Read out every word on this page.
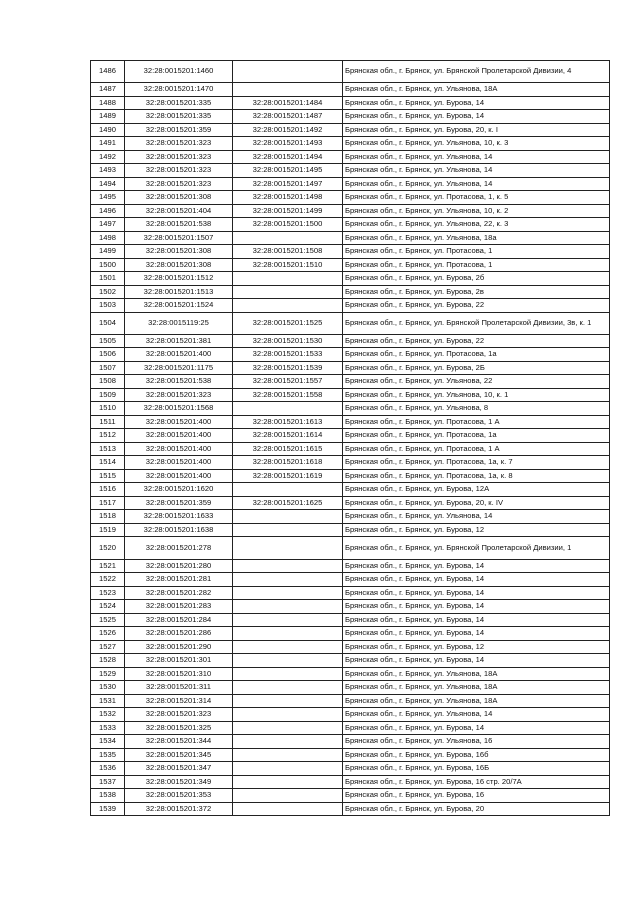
1486	32:28:0015201:1460		Брянская обл., г. Брянск, ул. Брянской Пролетарской Дивизии, 4
1487	32:28:0015201:1470		Брянская обл., г. Брянск, ул. Ульянова, 18А
1488	32:28:0015201:335	32:28:0015201:1484	Брянская обл., г. Брянск, ул. Бурова, 14
1489	32:28:0015201:335	32:28:0015201:1487	Брянская обл., г. Брянск, ул. Бурова, 14
1490	32:28:0015201:359	32:28:0015201:1492	Брянская обл., г. Брянск, ул. Бурова, 20, к. I
1491	32:28:0015201:323	32:28:0015201:1493	Брянская обл., г. Брянск, ул. Ульянова, 10, к. 3
1492	32:28:0015201:323	32:28:0015201:1494	Брянская обл., г. Брянск, ул. Ульянова, 14
1493	32:28:0015201:323	32:28:0015201:1495	Брянская обл., г. Брянск, ул. Ульянова, 14
1494	32:28:0015201:323	32:28:0015201:1497	Брянская обл., г. Брянск, ул. Ульянова, 14
1495	32:28:0015201:308	32:28:0015201:1498	Брянская обл., г. Брянск, ул. Протасова, 1, к. 5
1496	32:28:0015201:404	32:28:0015201:1499	Брянская обл., г. Брянск, ул. Ульянова, 10, к. 2
1497	32:28:0015201:538	32:28:0015201:1500	Брянская обл., г. Брянск, ул. Ульянова, 22, к. 3
1498	32:28:0015201:1507		Брянская обл., г. Брянск, ул. Ульянова, 18а
1499	32:28:0015201:308	32:28:0015201:1508	Брянская обл., г. Брянск, ул. Протасова, 1
1500	32:28:0015201:308	32:28:0015201:1510	Брянская обл., г. Брянск, ул. Протасова, 1
1501	32:28:0015201:1512		Брянская обл., г. Брянск, ул. Бурова, 2б
1502	32:28:0015201:1513		Брянская обл., г. Брянск, ул. Бурова, 2в
1503	32:28:0015201:1524		Брянская обл., г. Брянск, ул. Бурова, 22
1504	32:28:0015119:25	32:28:0015201:1525	Брянская обл., г. Брянск, ул. Брянской Пролетарской Дивизии, 3в, к. 1
1505	32:28:0015201:381	32:28:0015201:1530	Брянская обл., г. Брянск, ул. Бурова, 22
1506	32:28:0015201:400	32:28:0015201:1533	Брянская обл., г. Брянск, ул. Протасова, 1а
1507	32:28:0015201:1175	32:28:0015201:1539	Брянская обл., г. Брянск, ул. Бурова, 2Б
1508	32:28:0015201:538	32:28:0015201:1557	Брянская обл., г. Брянск, ул. Ульянова, 22
1509	32:28:0015201:323	32:28:0015201:1558	Брянская обл., г. Брянск, ул. Ульянова, 10, к. 1
1510	32:28:0015201:1568		Брянская обл., г. Брянск, ул. Ульянова, 8
1511	32:28:0015201:400	32:28:0015201:1613	Брянская обл., г. Брянск, ул. Протасова, 1 А
1512	32:28:0015201:400	32:28:0015201:1614	Брянская обл., г. Брянск, ул. Протасова, 1а
1513	32:28:0015201:400	32:28:0015201:1615	Брянская обл., г. Брянск, ул. Протасова, 1 А
1514	32:28:0015201:400	32:28:0015201:1618	Брянская обл., г. Брянск, ул. Протасова, 1а, к. 7
1515	32:28:0015201:400	32:28:0015201:1619	Брянская обл., г. Брянск, ул. Протасова, 1а, к. 8
1516	32:28:0015201:1620		Брянская обл., г. Брянск, ул. Бурова, 12А
1517	32:28:0015201:359	32:28:0015201:1625	Брянская обл., г. Брянск, ул. Бурова, 20, к. IV
1518	32:28:0015201:1633		Брянская обл., г. Брянск, ул. Ульянова, 14
1519	32:28:0015201:1638		Брянская обл., г. Брянск, ул. Бурова, 12
1520	32:28:0015201:278		Брянская обл., г. Брянск, ул. Брянской Пролетарской Дивизии, 1
1521	32:28:0015201:280		Брянская обл., г. Брянск, ул. Бурова, 14
1522	32:28:0015201:281		Брянская обл., г. Брянск, ул. Бурова, 14
1523	32:28:0015201:282		Брянская обл., г. Брянск, ул. Бурова, 14
1524	32:28:0015201:283		Брянская обл., г. Брянск, ул. Бурова, 14
1525	32:28:0015201:284		Брянская обл., г. Брянск, ул. Бурова, 14
1526	32:28:0015201:286		Брянская обл., г. Брянск, ул. Бурова, 14
1527	32:28:0015201:290		Брянская обл., г. Брянск, ул. Бурова, 12
1528	32:28:0015201:301		Брянская обл., г. Брянск, ул. Бурова, 14
1529	32:28:0015201:310		Брянская обл., г. Брянск, ул. Ульянова, 18А
1530	32:28:0015201:311		Брянская обл., г. Брянск, ул. Ульянова, 18А
1531	32:28:0015201:314		Брянская обл., г. Брянск, ул. Ульянова, 18А
1532	32:28:0015201:323		Брянская обл., г. Брянск, ул. Ульянова, 14
1533	32:28:0015201:325		Брянская обл., г. Брянск, ул. Бурова, 14
1534	32:28:0015201:344		Брянская обл., г. Брянск, ул. Ульянова, 16
1535	32:28:0015201:345		Брянская обл., г. Брянск, ул. Бурова, 16б
1536	32:28:0015201:347		Брянская обл., г. Брянск, ул. Бурова, 16Б
1537	32:28:0015201:349		Брянская обл., г. Брянск, ул. Бурова, 16 стр. 20/7А
1538	32:28:0015201:353		Брянская обл., г. Брянск, ул. Бурова, 16
1539	32:28:0015201:372		Брянская обл., г. Брянск, ул. Бурова, 20
